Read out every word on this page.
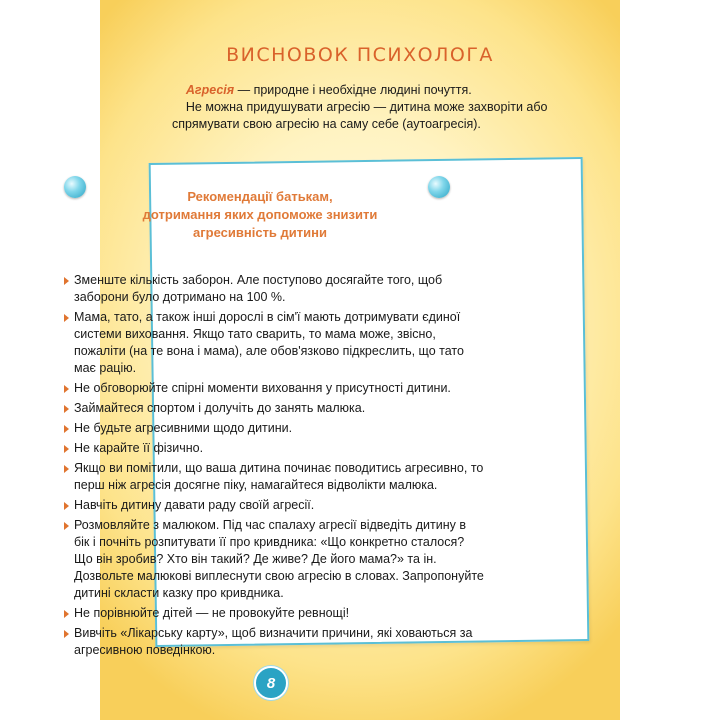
ВИСНОВОК ПСИХОЛОГА

Агресія — природне і необхідне людині почуття.

Не можна придушувати агресію — дитина може захворіти або спрямувати свою агресію на саму себе (аутоагресія).

Рекомендації батькам,
дотримання яких допоможе знизити
агресивність дитини
Зменште кількість заборон. Але поступово досягайте того, щоб заборони було дотримано на 100 %.
Мама, тато, а також інші дорослі в сім'ї мають дотримувати єдиної системи виховання. Якщо тато сварить, то мама може, звісно, пожаліти (на те вона і мама), але обов'язково підкреслить, що тато має рацію.
Не обговорюйте спірні моменти виховання у присутності дитини.
Займайтеся спортом і долучіть до занять малюка.
Не будьте агресивними щодо дитини.
Не карайте її фізично.
Якщо ви помітили, що ваша дитина починає поводитись агресивно, то перш ніж агресія досягне піку, намагайтеся відволікти малюка.
Навчіть дитину давати раду своїй агресії.
Розмовляйте з малюком. Під час спалаху агресії відведіть дитину в бік і почніть розпитувати її про кривдника: «Що конкретно сталося? Що він зробив? Хто він такий? Де живе? Де його мама?» та ін. Дозвольте малюкові виплеснути свою агресію в словах. Запропонуйте дитині скласти казку про кривдника.
Не порівнюйте дітей — не провокуйте ревнощі!
Вивчіть «Лікарську карту», щоб визначити причини, які ховаються за агресивною поведінкою.
8
